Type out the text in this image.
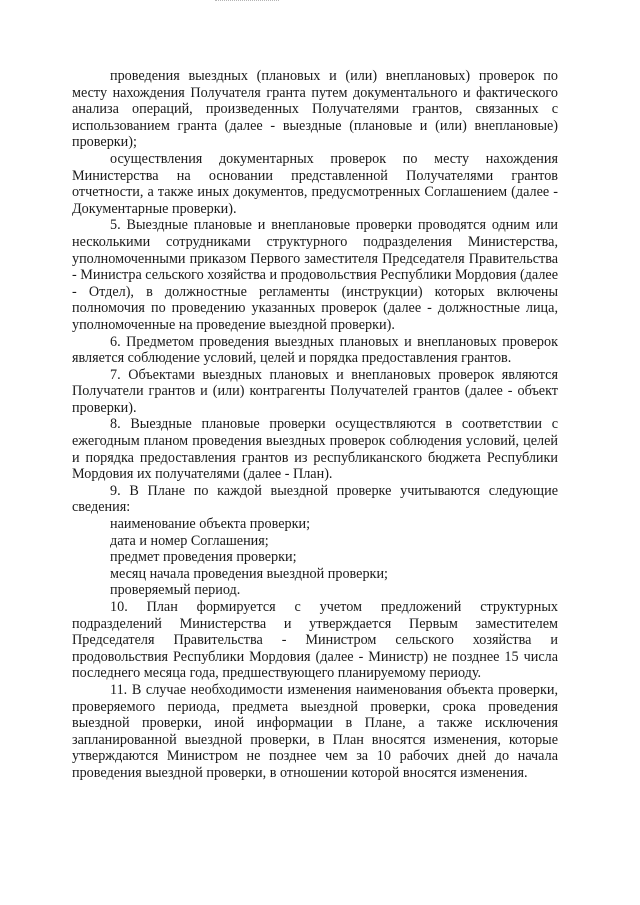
проведения выездных (плановых и (или) внеплановых) проверок по месту нахождения Получателя гранта путем документального и фактического анализа операций, произведенных Получателями грантов, связанных с использованием гранта (далее - выездные (плановые и (или) внеплановые) проверки);

осуществления документарных проверок по месту нахождения Министерства на основании представленной Получателями грантов отчетности, а также иных документов, предусмотренных Соглашением (далее - Документарные проверки).

5. Выездные плановые и внеплановые проверки проводятся одним или несколькими сотрудниками структурного подразделения Министерства, уполномоченными приказом Первого заместителя Председателя Правительства - Министра сельского хозяйства и продовольствия Республики Мордовия (далее - Отдел), в должностные регламенты (инструкции) которых включены полномочия по проведению указанных проверок (далее - должностные лица, уполномоченные на проведение выездной проверки).

6. Предметом проведения выездных плановых и внеплановых проверок является соблюдение условий, целей и порядка предоставления грантов.

7. Объектами выездных плановых и внеплановых проверок являются Получатели грантов и (или) контрагенты Получателей грантов (далее - объект проверки).

8. Выездные плановые проверки осуществляются в соответствии с ежегодным планом проведения выездных проверок соблюдения условий, целей и порядка предоставления грантов из республиканского бюджета Республики Мордовия их получателями (далее - План).

9. В Плане по каждой выездной проверке учитываются следующие сведения:

наименование объекта проверки;

дата и номер Соглашения;

предмет проведения проверки;

месяц начала проведения выездной проверки;

проверяемый период.

10. План формируется с учетом предложений структурных подразделений Министерства и утверждается Первым заместителем Председателя Правительства - Министром сельского хозяйства и продовольствия Республики Мордовия (далее - Министр) не позднее 15 числа последнего месяца года, предшествующего планируемому периоду.

11. В случае необходимости изменения наименования объекта проверки, проверяемого периода, предмета выездной проверки, срока проведения выездной проверки, иной информации в Плане, а также исключения запланированной выездной проверки, в План вносятся изменения, которые утверждаются Министром не позднее чем за 10 рабочих дней до начала проведения выездной проверки, в отношении которой вносятся изменения.
